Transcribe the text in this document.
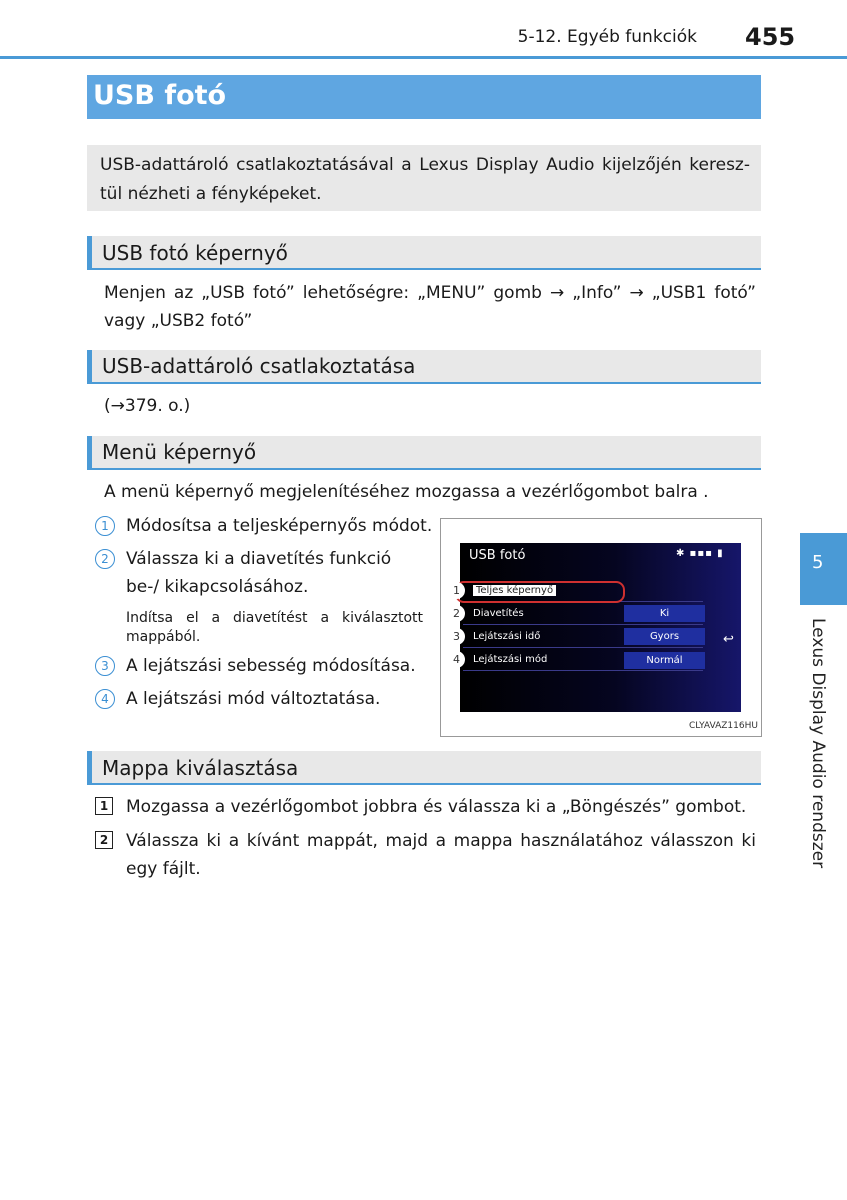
5-12. Egyéb funkciók 455
USB fotó
USB-adattároló csatlakoztatásával a Lexus Display Audio kijelzőjén keresz-tül nézheti a fényképeket.
USB fotó képernyő
Menjen az „USB fotó” lehetőségre: „MENU” gomb → „Info” → „USB1 fotó” vagy „USB2 fotó”
USB-adattároló csatlakoztatása
(→379. o.)
Menü képernyő
A menü képernyő megjelenítéséhez mozgassa a vezérlőgombot balra .
1	Módosítsa a teljesképernyős módot.
2	Válassza ki a diavetítés funkció be-/ kikapcsolásához.
Indítsa el a diavetítést a kiválasztott mappából.
3	A lejátszási sebesség módosítása.
4	A lejátszási mód változtatása.
USB fotó	✱ ▪▪▪ ▮
Teljes képernyő
Diavetítés	Ki
Lejátszási idő	Gyors
Lejátszási mód	Normál
↩
1
2
3
4
CLYAVAZ116HU
Mappa kiválasztása
1 Mozgassa a vezérlőgombot jobbra és válassza ki a „Böngészés” gombot.
2 Válassza ki a kívánt mappát, majd a mappa használatához válasszon ki egy fájlt.
5
Lexus Display Audio rendszer
